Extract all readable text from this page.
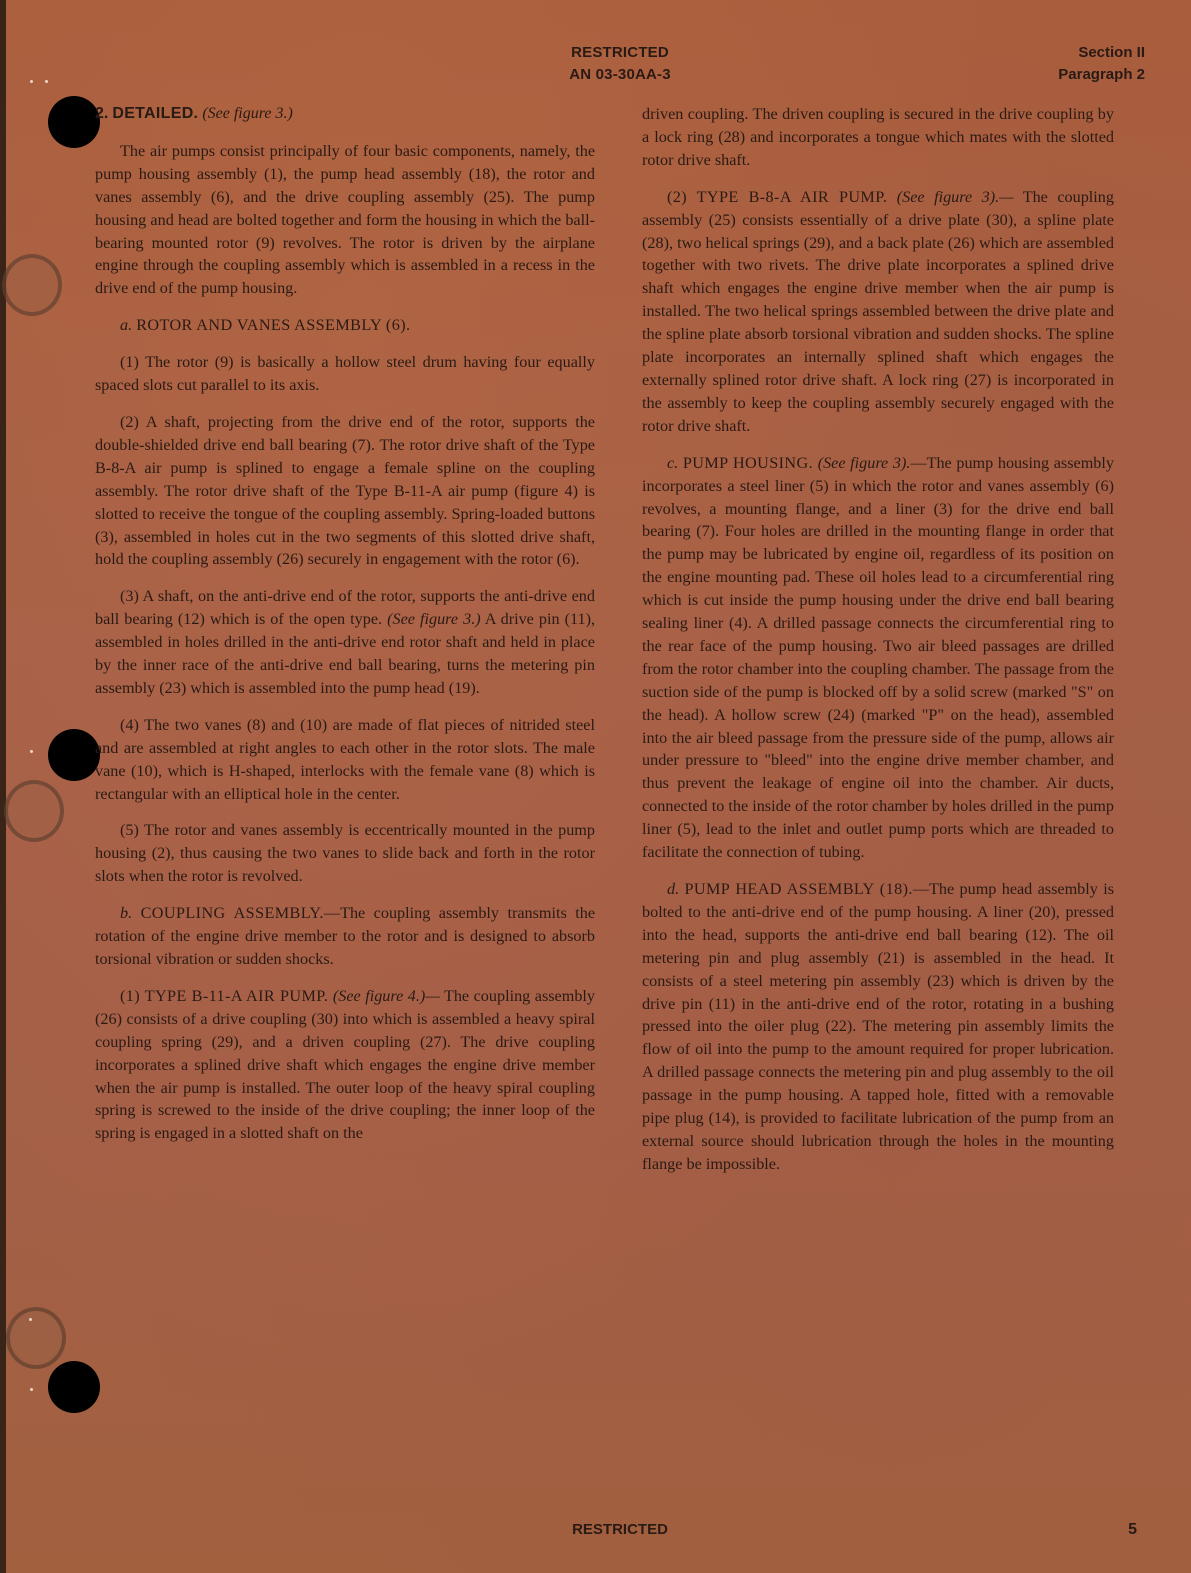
RESTRICTED
AN 03-30AA-3
Section II
Paragraph 2
2. DETAILED. (See figure 3.)

The air pumps consist principally of four basic components, namely, the pump housing assembly (1), the pump head assembly (18), the rotor and vanes assembly (6), and the drive coupling assembly (25). The pump housing and head are bolted together and form the housing in which the ball-bearing mounted rotor (9) revolves. The rotor is driven by the airplane engine through the coupling assembly which is assembled in a recess in the drive end of the pump housing.

a. ROTOR AND VANES ASSEMBLY (6).

(1) The rotor (9) is basically a hollow steel drum having four equally spaced slots cut parallel to its axis.

(2) A shaft, projecting from the drive end of the rotor, supports the double-shielded drive end ball bearing (7). The rotor drive shaft of the Type B-8-A air pump is splined to engage a female spline on the coupling assembly. The rotor drive shaft of the Type B-11-A air pump (figure 4) is slotted to receive the tongue of the coupling assembly. Spring-loaded buttons (3), assembled in holes cut in the two segments of this slotted drive shaft, hold the coupling assembly (26) securely in engagement with the rotor (6).

(3) A shaft, on the anti-drive end of the rotor, supports the anti-drive end ball bearing (12) which is of the open type. (See figure 3.) A drive pin (11), assembled in holes drilled in the anti-drive end rotor shaft and held in place by the inner race of the anti-drive end ball bearing, turns the metering pin assembly (23) which is assembled into the pump head (19).

(4) The two vanes (8) and (10) are made of flat pieces of nitrided steel and are assembled at right angles to each other in the rotor slots. The male vane (10), which is H-shaped, interlocks with the female vane (8) which is rectangular with an elliptical hole in the center.

(5) The rotor and vanes assembly is eccentrically mounted in the pump housing (2), thus causing the two vanes to slide back and forth in the rotor slots when the rotor is revolved.

b. COUPLING ASSEMBLY.—The coupling assembly transmits the rotation of the engine drive member to the rotor and is designed to absorb torsional vibration or sudden shocks.

(1) TYPE B-11-A AIR PUMP. (See figure 4.)— The coupling assembly (26) consists of a drive coupling (30) into which is assembled a heavy spiral coupling spring (29), and a driven coupling (27). The drive coupling incorporates a splined drive shaft which engages the engine drive member when the air pump is installed. The outer loop of the heavy spiral coupling spring is screwed to the inside of the drive coupling; the inner loop of the spring is engaged in a slotted shaft on the

driven coupling. The driven coupling is secured in the drive coupling by a lock ring (28) and incorporates a tongue which mates with the slotted rotor drive shaft.

(2) TYPE B-8-A AIR PUMP. (See figure 3).— The coupling assembly (25) consists essentially of a drive plate (30), a spline plate (28), two helical springs (29), and a back plate (26) which are assembled together with two rivets. The drive plate incorporates a splined drive shaft which engages the engine drive member when the air pump is installed. The two helical springs assembled between the drive plate and the spline plate absorb torsional vibration and sudden shocks. The spline plate incorporates an internally splined shaft which engages the externally splined rotor drive shaft. A lock ring (27) is incorporated in the assembly to keep the coupling assembly securely engaged with the rotor drive shaft.

c. PUMP HOUSING. (See figure 3).—The pump housing assembly incorporates a steel liner (5) in which the rotor and vanes assembly (6) revolves, a mounting flange, and a liner (3) for the drive end ball bearing (7). Four holes are drilled in the mounting flange in order that the pump may be lubricated by engine oil, regardless of its position on the engine mounting pad. These oil holes lead to a circumferential ring which is cut inside the pump housing under the drive end ball bearing sealing liner (4). A drilled passage connects the circumferential ring to the rear face of the pump housing. Two air bleed passages are drilled from the rotor chamber into the coupling chamber. The passage from the suction side of the pump is blocked off by a solid screw (marked "S" on the head). A hollow screw (24) (marked "P" on the head), assembled into the air bleed passage from the pressure side of the pump, allows air under pressure to "bleed" into the engine drive member chamber, and thus prevent the leakage of engine oil into the chamber. Air ducts, connected to the inside of the rotor chamber by holes drilled in the pump liner (5), lead to the inlet and outlet pump ports which are threaded to facilitate the connection of tubing.

d. PUMP HEAD ASSEMBLY (18).—The pump head assembly is bolted to the anti-drive end of the pump housing. A liner (20), pressed into the head, supports the anti-drive end ball bearing (12). The oil metering pin and plug assembly (21) is assembled in the head. It consists of a steel metering pin assembly (23) which is driven by the drive pin (11) in the anti-drive end of the rotor, rotating in a bushing pressed into the oiler plug (22). The metering pin assembly limits the flow of oil into the pump to the amount required for proper lubrication. A drilled passage connects the metering pin and plug assembly to the oil passage in the pump housing. A tapped hole, fitted with a removable pipe plug (14), is provided to facilitate lubrication of the pump from an external source should lubrication through the holes in the mounting flange be impossible.

RESTRICTED	5
